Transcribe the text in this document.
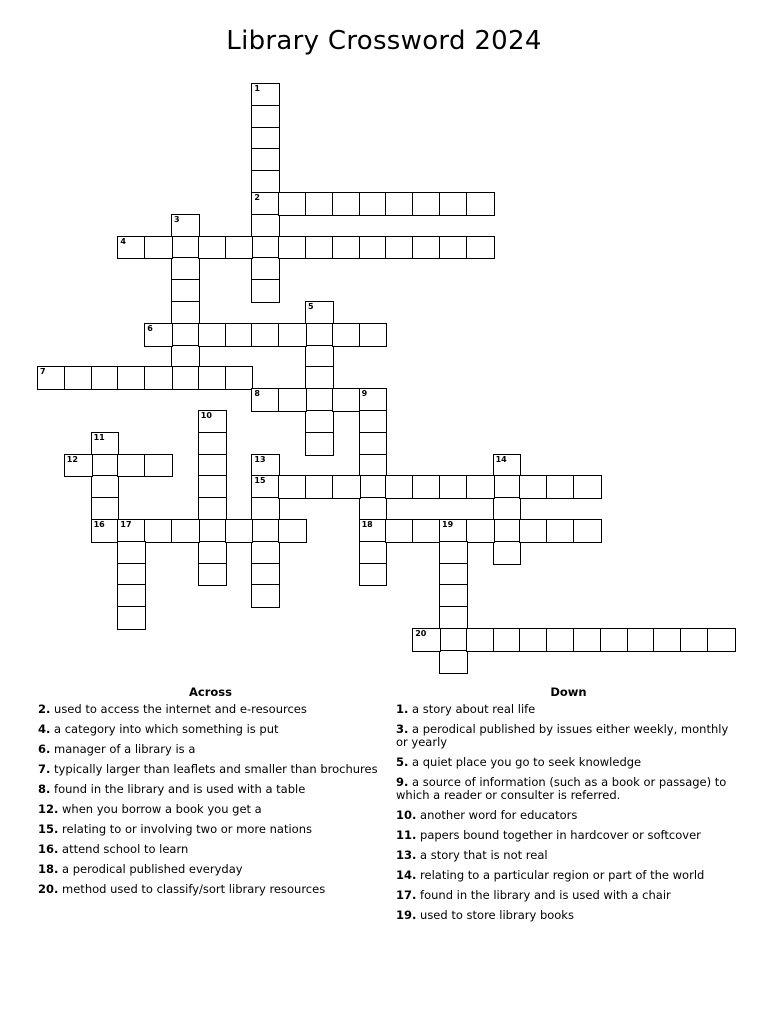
Library Crossword 2024
1
2
3
4
5
6
7
8	9
18
10
11
16
12	13
15
14
17	19
20
Across
2. used to access the internet and e-resources
4. a category into which something is put
6. manager of a library is a
7. typically larger than leaflets and smaller than brochures
8. found in the library and is used with a table
12. when you borrow a book you get a
15. relating to or involving two or more nations
16. attend school to learn
18. a perodical published everyday
20. method used to classify/sort library resources
Down
1. a story about real life
3. a perodical published by issues either weekly, monthly or yearly
5. a quiet place you go to seek knowledge
9. a source of information (such as a book or passage) to which a reader or consulter is referred.
10. another word for educators
11. papers bound together in hardcover or softcover
13. a story that is not real
14. relating to a particular region or part of the world
17. found in the library and is used with a chair
19. used to store library books
